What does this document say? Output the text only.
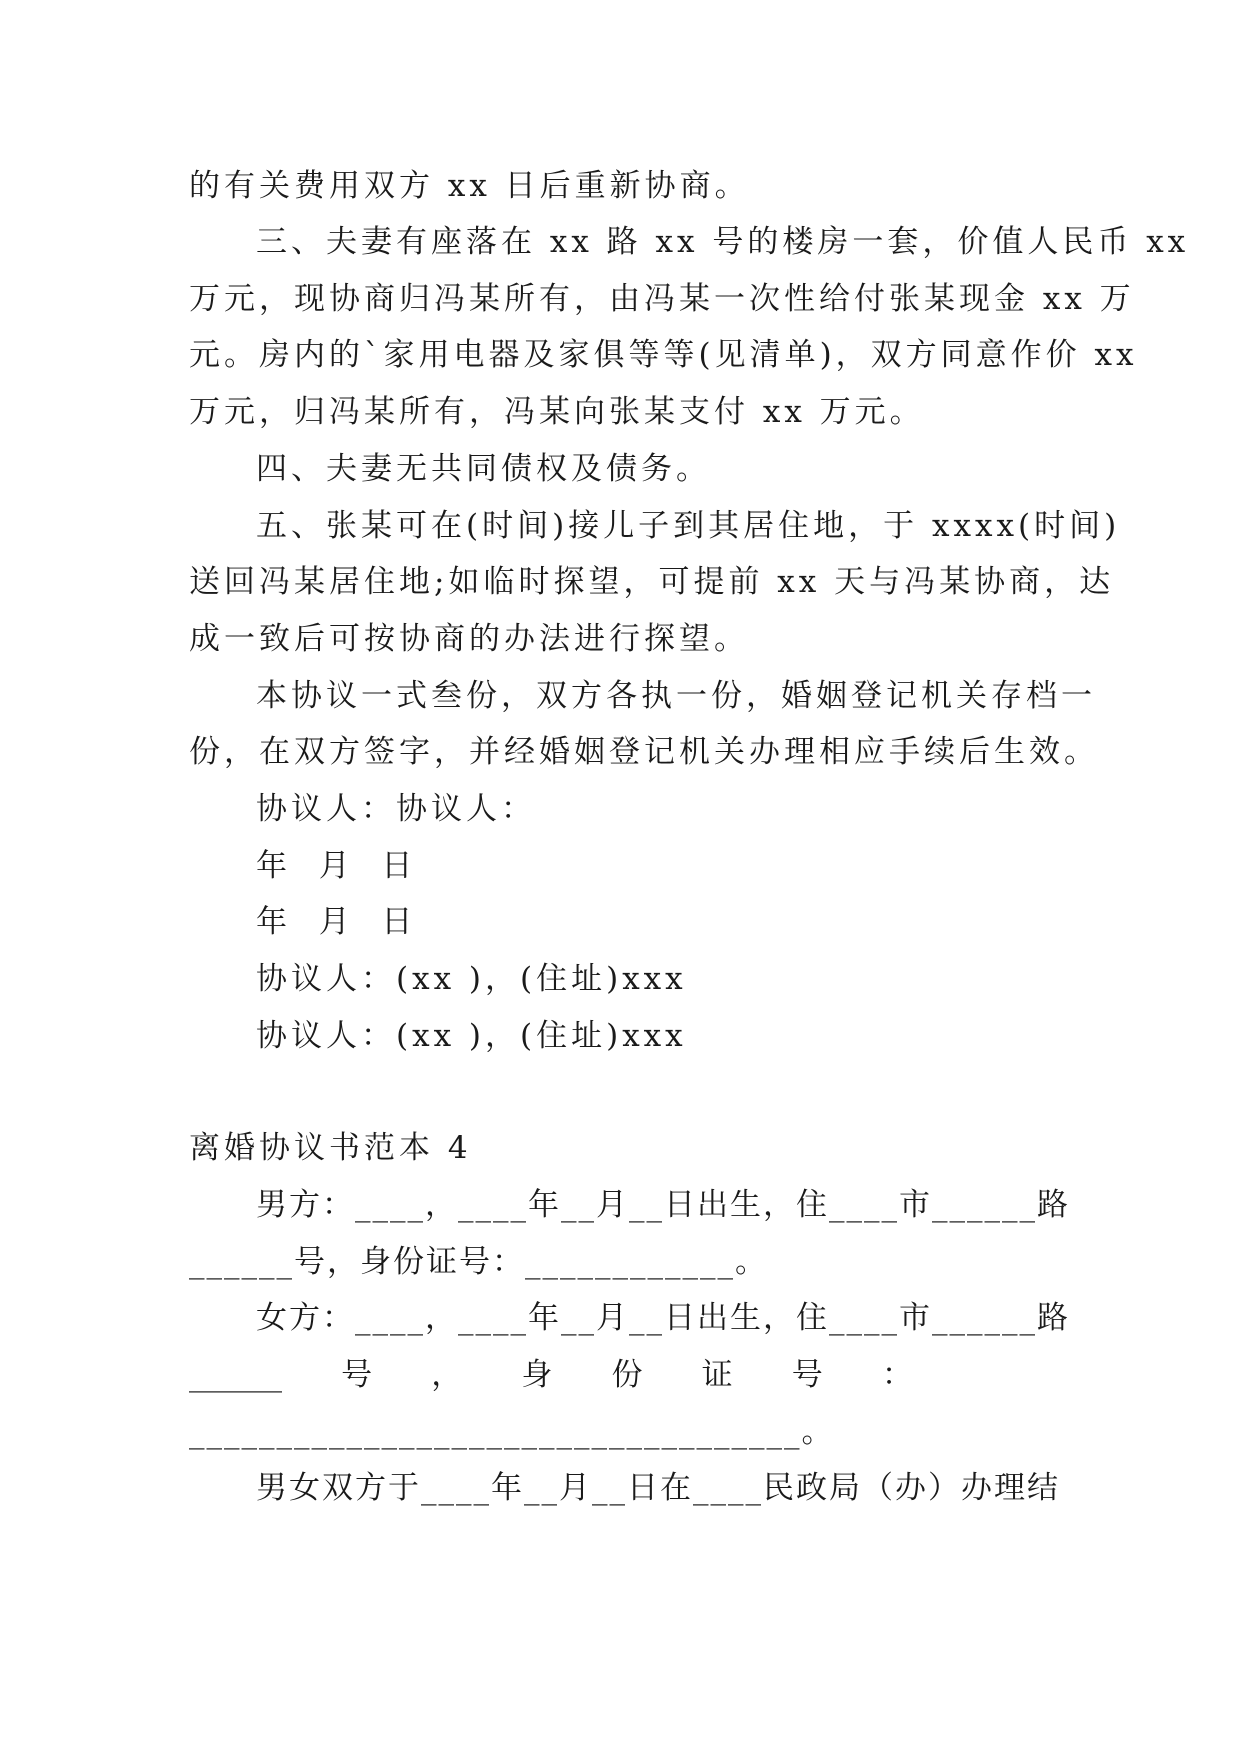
的有关费用双方 xx 日后重新协商。
三、夫妻有座落在 xx 路 xx 号的楼房一套，价值人民币 xx
万元，现协商归冯某所有，由冯某一次性给付张某现金 xx 万
元。房内的`家用电器及家俱等等(见清单)，双方同意作价 xx
万元，归冯某所有，冯某向张某支付 xx 万元。
四、夫妻无共同债权及债务。
五、张某可在(时间)接儿子到其居住地，于 xxxx(时间)
送回冯某居住地;如临时探望，可提前 xx 天与冯某协商，达
成一致后可按协商的办法进行探望。
本协议一式叁份，双方各执一份，婚姻登记机关存档一
份，在双方签字，并经婚姻登记机关办理相应手续后生效。
协议人：协议人：
年  月  日
年  月  日
协议人：(xx )，(住址)xxx
协议人：(xx )，(住址)xxx
离婚协议书范本 4
男方：____，____年__月__日出生，住____市______路
______号，身份证号：____________。
女方：____，____年__月__日出生，住____市______路
______      号      ，      身      份      证      号      ：
___________________________________。
男女双方于____年__月__日在____民政局（办）办理结
